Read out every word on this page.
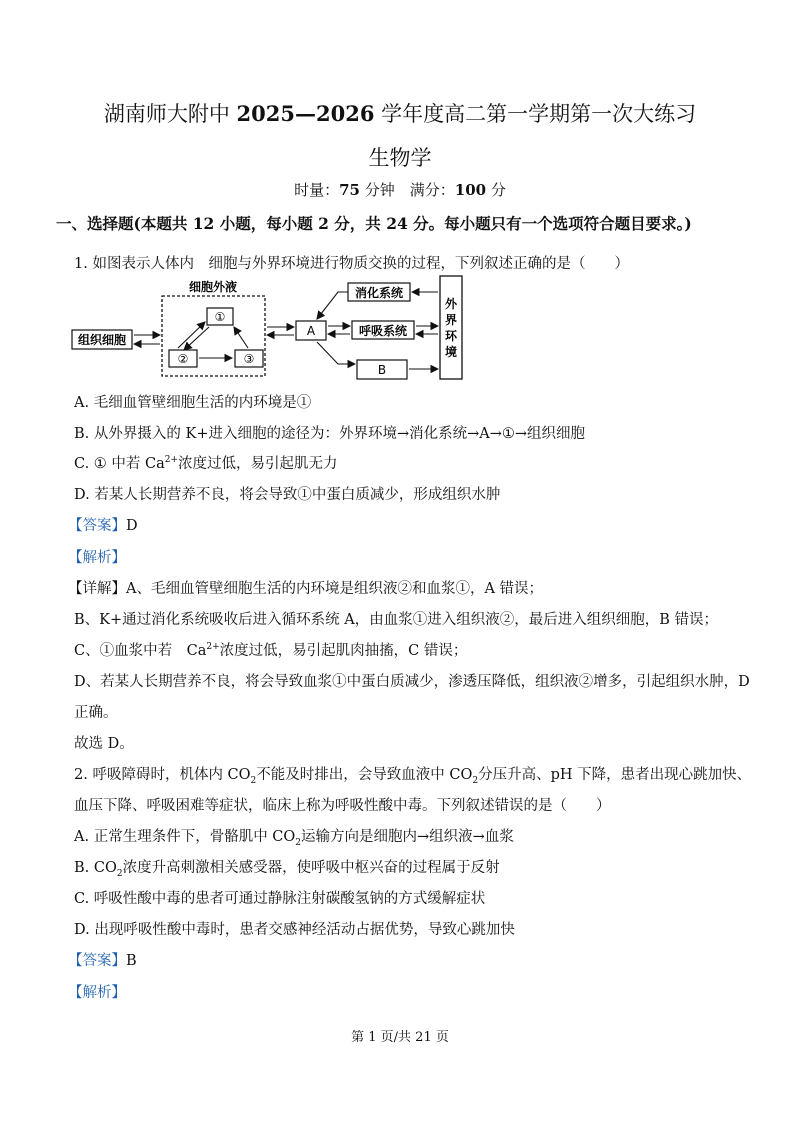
湖南师大附中 2025—2026 学年度高二第一学期第一次大练习
生物学
时量：75 分钟　满分：100 分
一、选择题(本题共 12 小题，每小题 2 分，共 24 分。每小题只有一个选项符合题目要求。)
1. 如图表示人体内　细胞与外界环境进行物质交换的过程，下列叙述正确的是（　　）
细胞外液
①
②	③
组织细胞
A
消化系统
呼吸系统
B
外
界
环
境
A. 毛细血管壁细胞生活的内环境是①
B. 从外界摄入的 K+进入细胞的途径为：外界环境→消化系统→A→①→组织细胞
C. ① 中若 $Ca^{2+}$浓度过低，易引起肌无力
D. 若某人长期营养不良，将会导致①中蛋白质减少，形成组织水肿
【答案】D
【解析】
【详解】A、毛细血管壁细胞生活的内环境是组织液②和血浆①，A 错误；
B、K+通过消化系统吸收后进入循环系统 A，由血浆①进入组织液②，最后进入组织细胞，B 错误；
C、①血浆中若　$Ca^{2+}$浓度过低，易引起肌肉抽搐，C 错误；
D、若某人长期营养不良，将会导致血浆①中蛋白质减少，渗透压降低，组织液②增多，引起组织水肿，D
正确。
故选 D。
2. 呼吸障碍时，机体内 $CO_2$不能及时排出，会导致血液中 $CO_2$分压升高、pH 下降，患者出现心跳加快、
血压下降、呼吸困难等症状，临床上称为呼吸性酸中毒。下列叙述错误的是（　　）
A. 正常生理条件下，骨骼肌中 $CO_2$运输方向是细胞内→组织液→血浆
B. $CO_2$浓度升高刺激相关感受器，使呼吸中枢兴奋的过程属于反射
C. 呼吸性酸中毒的患者可通过静脉注射碳酸氢钠的方式缓解症状
D. 出现呼吸性酸中毒时，患者交感神经活动占据优势，导致心跳加快
【答案】B
【解析】
第 1 页/共 21 页
